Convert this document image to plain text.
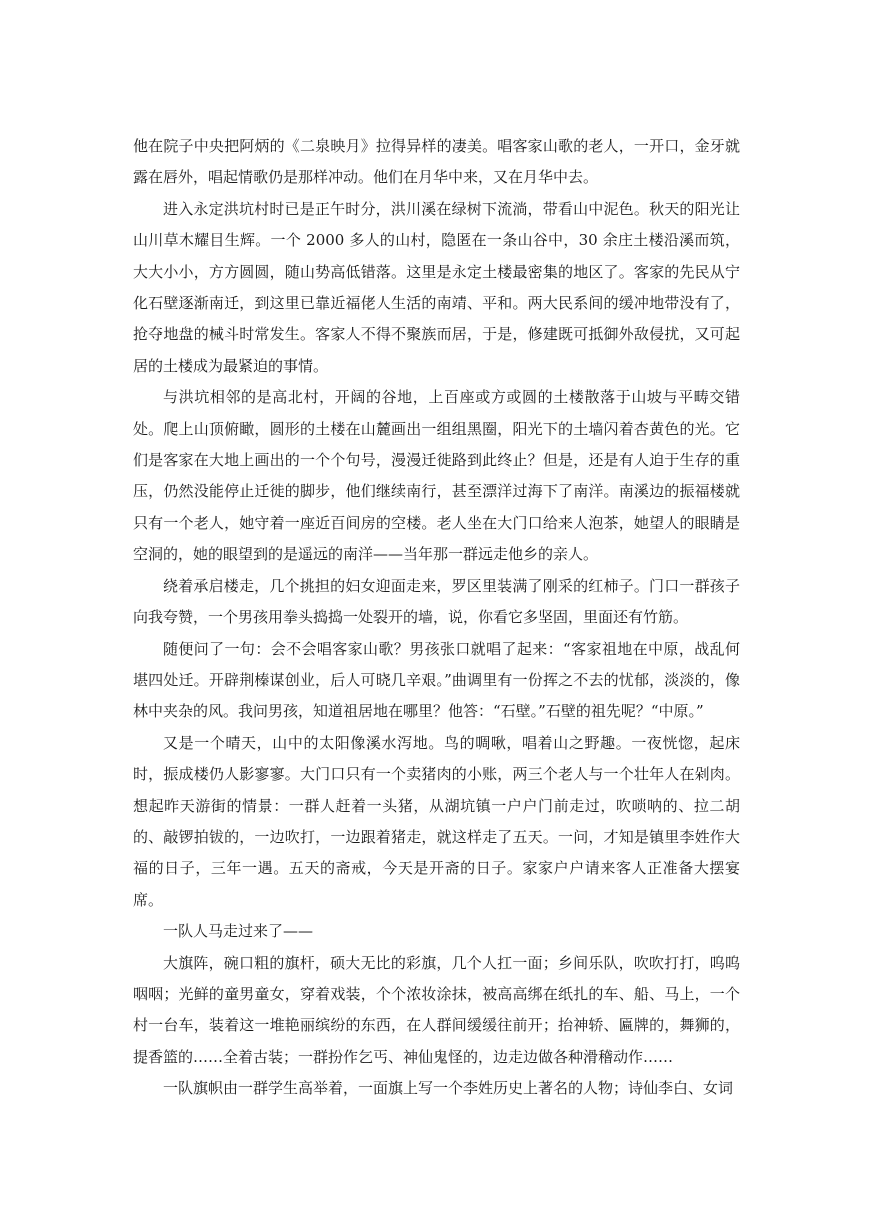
他在院子中央把阿炳的《二泉映月》拉得异样的凄美。唱客家山歌的老人，一开口，金牙就露在唇外，唱起情歌仍是那样冲动。他们在月华中来，又在月华中去。

进入永定洪坑村时已是正午时分，洪川溪在绿树下流淌，带看山中泥色。秋天的阳光让山川草木耀目生辉。一个 2000 多人的山村，隐匿在一条山谷中，30 余庄土楼沿溪而筑，大大小小，方方圆圆，随山势高低错落。这里是永定土楼最密集的地区了。客家的先民从宁化石壁逐渐南迁，到这里已靠近福佬人生活的南靖、平和。两大民系间的缓冲地带没有了，抢夺地盘的械斗时常发生。客家人不得不聚族而居，于是，修建既可抵御外敌侵扰，又可起居的土楼成为最紧迫的事情。

与洪坑相邻的是高北村，开阔的谷地，上百座或方或圆的土楼散落于山坡与平畴交错处。爬上山顶俯瞰，圆形的土楼在山麓画出一组组黑圈，阳光下的土墙闪着杏黄色的光。它们是客家在大地上画出的一个个句号，漫漫迁徙路到此终止？但是，还是有人迫于生存的重压，仍然没能停止迁徙的脚步，他们继续南行，甚至漂洋过海下了南洋。南溪边的振福楼就只有一个老人，她守着一座近百间房的空楼。老人坐在大门口给来人泡茶，她望人的眼睛是空洞的，她的眼望到的是遥远的南洋——当年那一群远走他乡的亲人。

绕着承启楼走，几个挑担的妇女迎面走来，罗区里装满了刚采的红柿子。门口一群孩子向我夸赞，一个男孩用拳头捣捣一处裂开的墙，说，你看它多坚固，里面还有竹筋。

随便问了一句：会不会唱客家山歌？男孩张口就唱了起来：“客家祖地在中原，战乱何堪四处迁。开辟荆榛谋创业，后人可晓几辛艰。”曲调里有一份挥之不去的忧郁，淡淡的，像林中夹杂的风。我问男孩，知道祖居地在哪里？他答：“石壁。”石壁的祖先呢？“中原。”

又是一个晴天，山中的太阳像溪水泻地。鸟的啁啾，唱着山之野趣。一夜恍惚，起床时，振成楼仍人影寥寥。大门口只有一个卖猪肉的小账，两三个老人与一个壮年人在剁肉。想起昨天游街的情景：一群人赶着一头猪，从湖坑镇一户户门前走过，吹唢呐的、拉二胡的、敲锣拍钹的，一边吹打，一边跟着猪走，就这样走了五天。一问，才知是镇里李姓作大福的日子，三年一遇。五天的斋戒，今天是开斋的日子。家家户户请来客人正准备大摆宴席。

一队人马走过来了——

大旗阵，碗口粗的旗杆，硕大无比的彩旗，几个人扛一面；乡间乐队，吹吹打打，呜呜咽咽；光鲜的童男童女，穿着戏装，个个浓妆涂抹，被高高绑在纸扎的车、船、马上，一个村一台车，装着这一堆艳丽缤纷的东西，在人群间缓缓往前开；抬神轿、匾牌的，舞狮的，提香篮的……全着古装；一群扮作乞丐、神仙鬼怪的，边走边做各种滑稽动作……

一队旗帜由一群学生高举着，一面旗上写一个李姓历史上著名的人物；诗仙李白、女词
